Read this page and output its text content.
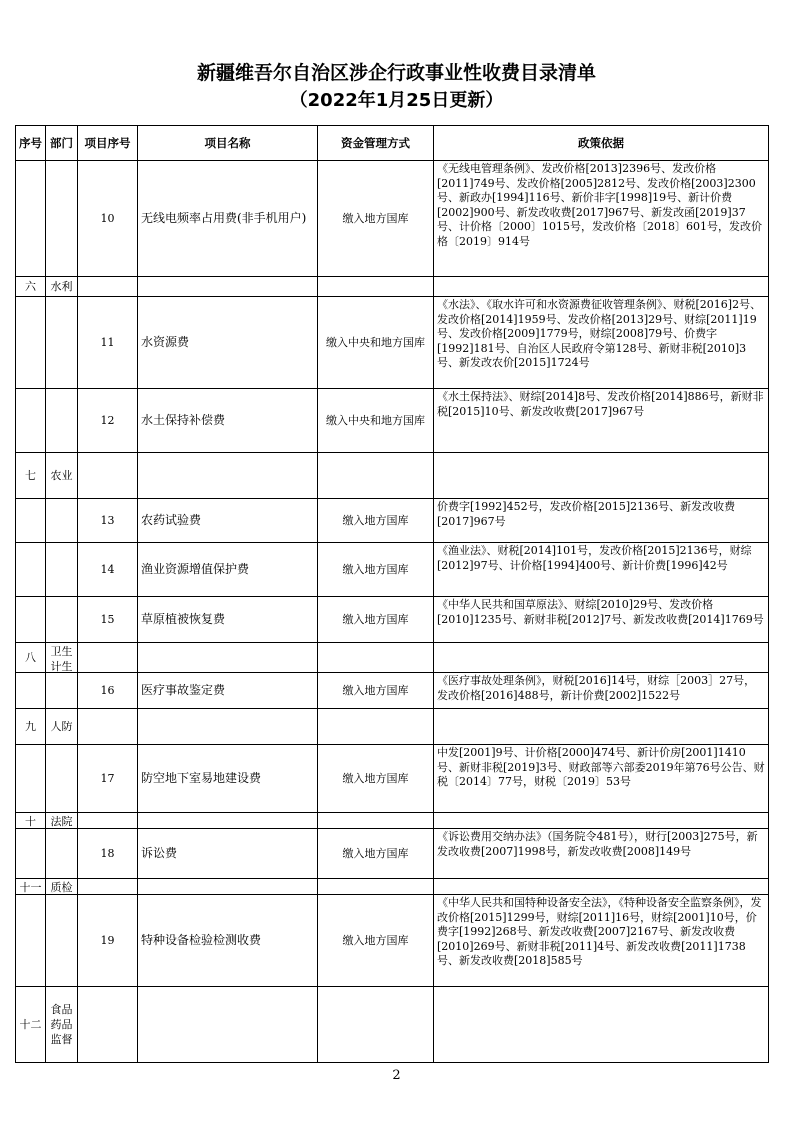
新疆维吾尔自治区涉企行政事业性收费目录清单
（2022年1月25日更新）
序号	部门	项目序号	项目名称	资金管理方式	政策依据

		10	无线电频率占用费(非手机用户)	缴入地方国库	《无线电管理条例》、发改价格[2013]2396号、发改价格[2011]749号、发改价格[2005]2812号、发改价格[2003]2300号、新政办[1994]116号、新价非字[1998]19号、新计价费[2002]900号、新发改收费[2017]967号、新发改函[2019]37号、计价格〔2000〕1015号，发改价格〔2018〕601号，发改价格〔2019〕914号

六	水利				

		11	水资源费	缴入中央和地方国库	《水法》、《取水许可和水资源费征收管理条例》、财税[2016]2号、发改价格[2014]1959号、发改价格[2013]29号、财综[2011]19号、发改价格[2009]1779号，财综[2008]79号、价费字[1992]181号、自治区人民政府令第128号、新财非税[2010]3号、新发改农价[2015]1724号

		12	水土保持补偿费	缴入中央和地方国库	《水土保持法》、财综[2014]8号、发改价格[2014]886号，新财非税[2015]10号、新发改收费[2017]967号

七	农业				

		13	农药试验费	缴入地方国库	价费字[1992]452号，发改价格[2015]2136号、新发改收费[2017]967号

		14	渔业资源增值保护费	缴入地方国库	《渔业法》、财税[2014]101号，发改价格[2015]2136号，财综[2012]97号、计价格[1994]400号、新计价费[1996]42号

		15	草原植被恢复费	缴入地方国库	《中华人民共和国草原法》、财综[2010]29号、发改价格[2010]1235号、新财非税[2012]7号、新发改收费[2014]1769号

八	卫生计生				

		16	医疗事故鉴定费	缴入地方国库	《医疗事故处理条例》，财税[2016]14号，财综［2003］27号，发改价格[2016]488号，新计价费[2002]1522号

九	人防				

		17	防空地下室易地建设费	缴入地方国库	中发[2001]9号、计价格[2000]474号、新计价房[2001]1410号、新财非税[2019]3号、财政部等六部委2019年第76号公告、财税〔2014〕77号，财税〔2019〕53号

十	法院				

		18	诉讼费	缴入地方国库	《诉讼费用交纳办法》（国务院令481号），财行[2003]275号，新发改收费[2007]1998号，新发改收费[2008]149号

十一	质检				

		19	特种设备检验检测收费	缴入地方国库	《中华人民共和国特种设备安全法》，《特种设备安全监察条例》，发改价格[2015]1299号，财综[2011]16号，财综[2001]10号，价费字[1992]268号、新发改收费[2007]2167号、新发改收费[2010]269号、新财非税[2011]4号、新发改收费[2011]1738号、新发改收费[2018]585号

十二	食品药品监督				

2
